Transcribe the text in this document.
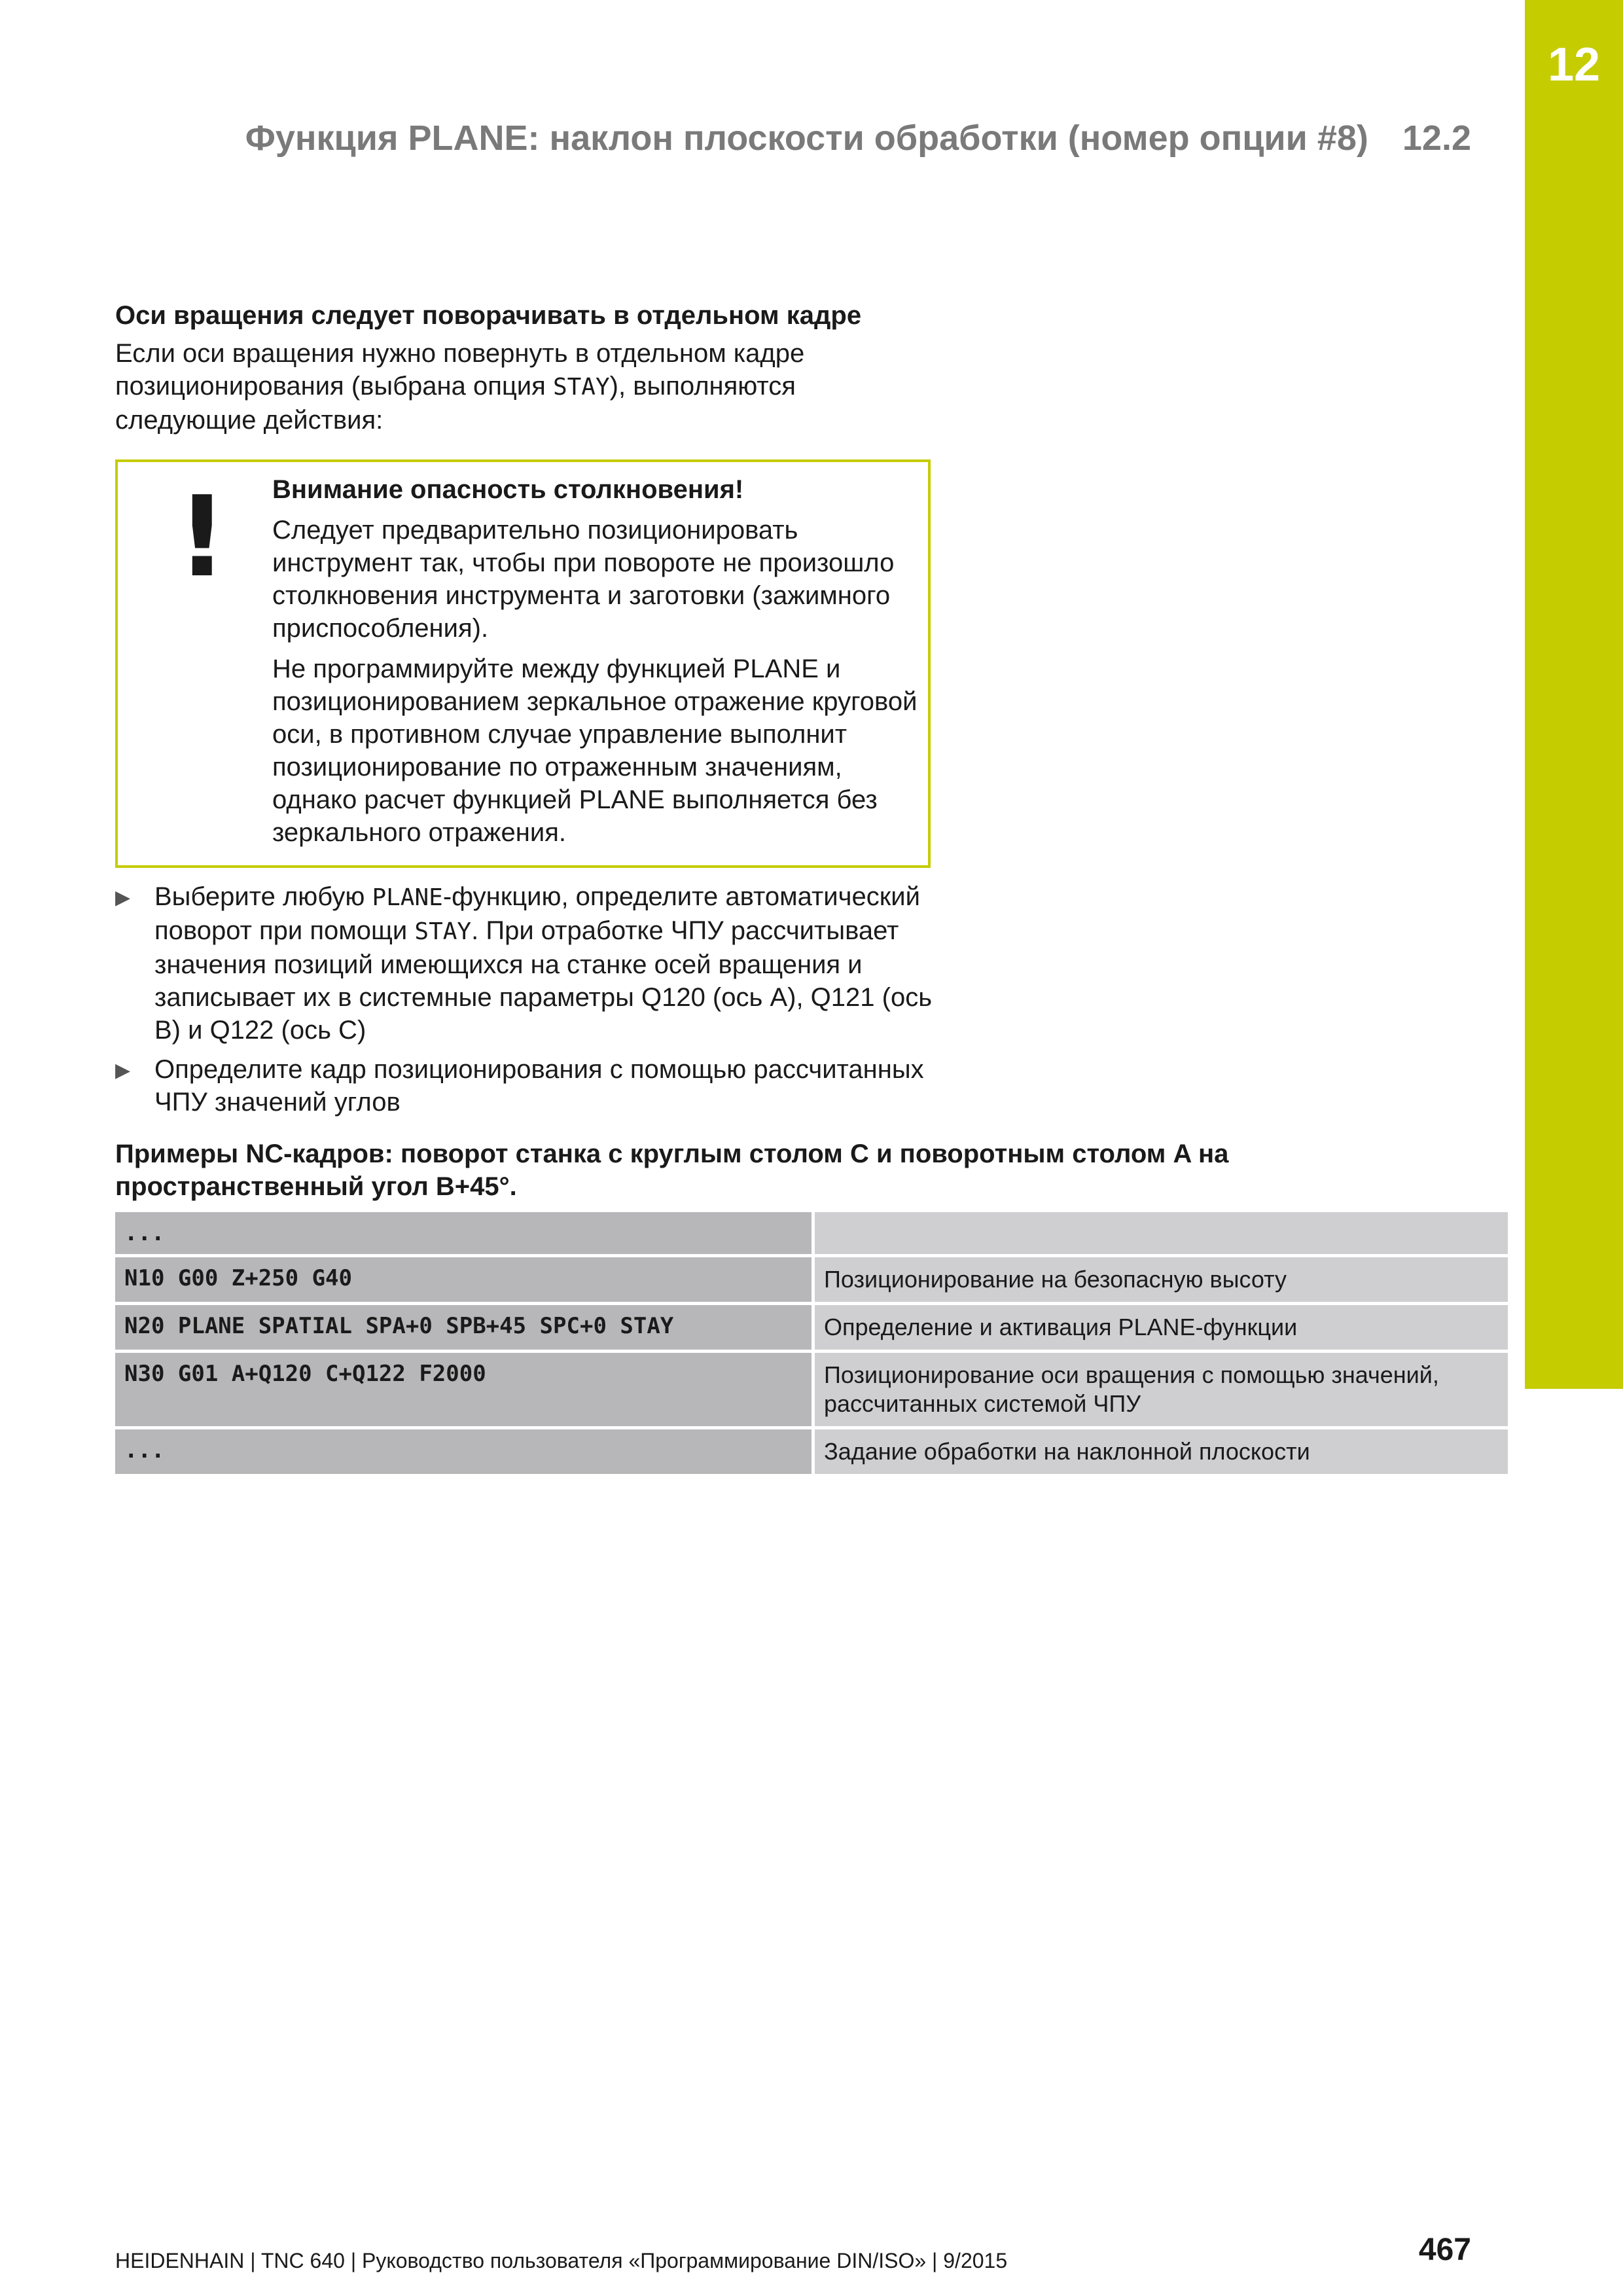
12
Функция PLANE: наклон плоскости обработки (номер опции #8) 12.2

Оси вращения следует поворачивать в отдельном кадре

Если оси вращения нужно повернуть в отдельном кадре позиционирования (выбрана опция STAY), выполняются следующие действия:

! Внимание опасность столкновения!

Следует предварительно позиционировать инструмент так, чтобы при повороте не произошло столкновения инструмента и заготовки (зажимного приспособления).

Не программируйте между функцией PLANE и позиционированием зеркальное отражение круговой оси, в противном случае управление выполнит позиционирование по отраженным значениям, однако расчет функцией PLANE выполняется без зеркального отражения.

▶ Выберите любую PLANE-функцию, определите автоматический поворот при помощи STAY. При отработке ЧПУ рассчитывает значения позиций имеющихся на станке осей вращения и записывает их в системные параметры Q120 (ось A), Q121 (ось B) и Q122 (ось C)
▶ Определите кадр позиционирования с помощью рассчитанных ЧПУ значений углов
Примеры NC-кадров: поворот станка с круглым столом C и поворотным столом A на пространственный угол B+45°.
...	
N10 G00 Z+250 G40	Позиционирование на безопасную высоту
N20 PLANE SPATIAL SPA+0 SPB+45 SPC+0 STAY	Определение и активация PLANE-функции
N30 G01 A+Q120 C+Q122 F2000	Позиционирование оси вращения с помощью значений, рассчитанных системой ЧПУ
...	Задание обработки на наклонной плоскости
HEIDENHAIN | TNC 640 | Руководство пользователя «Программирование DIN/ISO» | 9/2015	467
